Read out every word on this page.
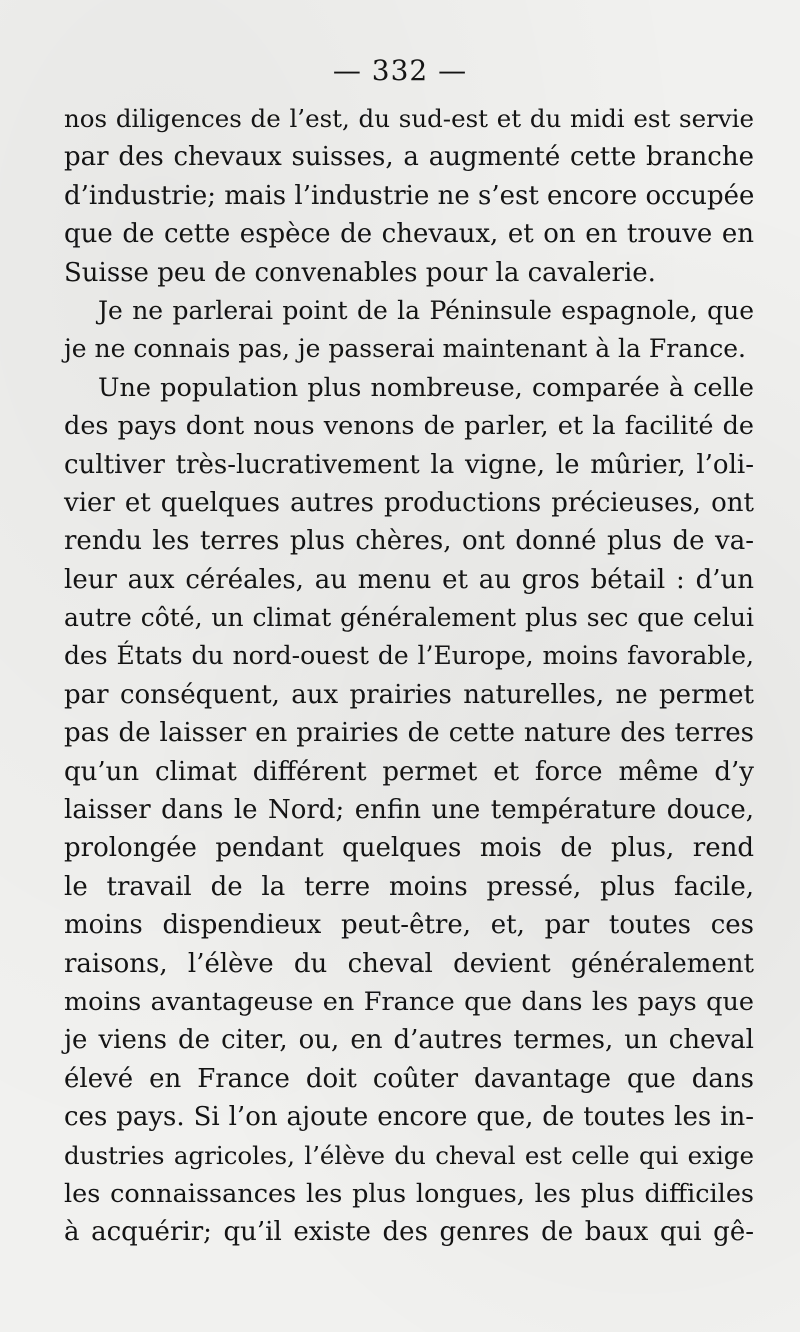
— 332 —
nos diligences de l’est, du sud-est et du midi est servie
par des chevaux suisses, a augmenté cette branche
d’industrie; mais l’industrie ne s’est encore occupée
que de cette espèce de chevaux, et on en trouve en
Suisse peu de convenables pour la cavalerie.
Je ne parlerai point de la Péninsule espagnole, que
je ne connais pas, je passerai maintenant à la France.
Une population plus nombreuse, comparée à celle
des pays dont nous venons de parler, et la facilité de
cultiver très-lucrativement la vigne, le mûrier, l’oli-
vier et quelques autres productions précieuses, ont
rendu les terres plus chères, ont donné plus de va-
leur aux céréales, au menu et au gros bétail : d’un
autre côté, un climat généralement plus sec que celui
des États du nord-ouest de l’Europe, moins favorable,
par conséquent, aux prairies naturelles, ne permet
pas de laisser en prairies de cette nature des terres
qu’un climat différent permet et force même d’y
laisser dans le Nord; enfin une température douce,
prolongée pendant quelques mois de plus, rend
le travail de la terre moins pressé, plus facile,
moins dispendieux peut-être, et, par toutes ces
raisons, l’élève du cheval devient généralement
moins avantageuse en France que dans les pays que
je viens de citer, ou, en d’autres termes, un cheval
élevé en France doit coûter davantage que dans
ces pays. Si l’on ajoute encore que, de toutes les in-
dustries agricoles, l’élève du cheval est celle qui exige
les connaissances les plus longues, les plus difficiles
à acquérir; qu’il existe des genres de baux qui gê-
